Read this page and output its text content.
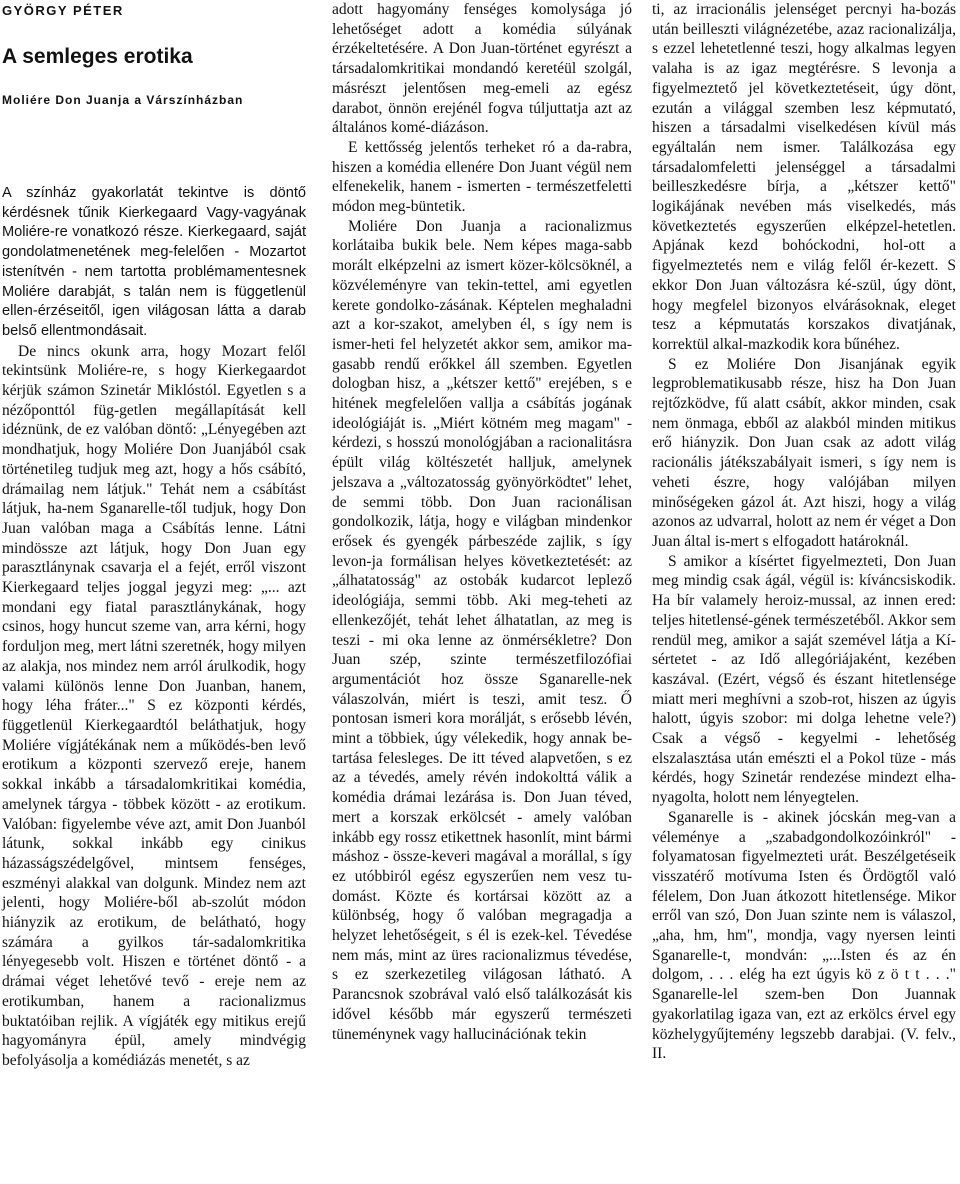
GYÖRGY PÉTER
A semleges erotika
Moliére Don Juanja a Várszínházban

A színház gyakorlatát tekintve is döntő kérdésnek tűnik Kierkegaard Vagy-vagyának Moliére-re vonatkozó része. Kierkegaard, saját gondolatmenetének meg-felelően - Mozartot istenítvén - nem tartotta problémamentesnek Moliére darabját, s talán nem is függetlenül ellen-érzéseitől, igen világosan látta a darab belső ellentmondásait.

De nincs okunk arra, hogy Mozart felől tekintsünk Moliére-re, s hogy Kierkegaardot kérjük számon Szinetár Miklóstól. Egyetlen s a nézőponttól füg-getlen megállapítását kell idéznünk, de ez valóban döntő: „Lényegében azt mondhatjuk, hogy Moliére Don Juanjából csak történetileg tudjuk meg azt, hogy a hős csábító, drámailag nem látjuk." Tehát nem a csábítást látjuk, ha-nem Sganarelle-től tudjuk, hogy Don Juan valóban maga a Csábítás lenne. Látni mindössze azt látjuk, hogy Don Juan egy parasztlánynak csavarja el a fejét, erről viszont Kierkegaard teljes joggal jegyzi meg: „... azt mondani egy fiatal parasztlánykának, hogy csinos, hogy huncut szeme van, arra kérni, hogy forduljon meg, mert látni szeretnék, hogy milyen az alakja, nos mindez nem arról árulkodik, hogy valami különös lenne Don Juanban, hanem, hogy léha fráter..." S ez központi kérdés, függetlenül Kierkegaardtól beláthatjuk, hogy Moliére vígjátékának nem a működés-ben levő erotikum a központi szervező ereje, hanem sokkal inkább a társadalomkritikai komédia, amelynek tárgya - többek között - az erotikum. Valóban: figyelembe véve azt, amit Don Juanból látunk, sokkal inkább egy cinikus házasságszédelgővel, mintsem fenséges, eszményi alakkal van dolgunk. Mindez nem azt jelenti, hogy Moliére-ből ab-szolút módon hiányzik az erotikum, de belátható, hogy számára a gyilkos tár-sadalomkritika lényegesebb volt. Hiszen e történet döntő - a drámai véget lehetővé tevő - ereje nem az erotikumban, hanem a racionalizmus buktatóiban rejlik. A vígjáték egy mitikus erejű hagyományra épül, amely mindvégig befolyásolja a komédiázás menetét, s az

adott hagyomány fenséges komolysága jó lehetőséget adott a komédia súlyának érzékeltetésére. A Don Juan-történet egyrészt a társadalomkritikai mondandó keretéül szolgál, másrészt jelentősen meg-emeli az egész darabot, önnön erejénél fogva túljuttatja azt az általános komé-diázáson.

E kettősség jelentős terheket ró a da-rabra, hiszen a komédia ellenére Don Juant végül nem elfenekelik, hanem - ismerten - természetfeletti módon meg-büntetik.

Moliére Don Juanja a racionalizmus korlátaiba bukik bele. Nem képes maga-sabb morált elképzelni az ismert közer-kölcsöknél, a közvéleményre van tekin-tettel, ami egyetlen kerete gondolko-zásának. Képtelen meghaladni azt a kor-szakot, amelyben él, s így nem is ismer-heti fel helyzetét akkor sem, amikor ma-gasabb rendű erőkkel áll szemben. Egyetlen dologban hisz, a „kétszer kettő" erejében, s e hitének megfelelően vallja a csábítás jogának ideológiáját is. „Miért kötném meg magam" - kérdezi, s hosszú monológjában a racionalitásra épült világ költészetét halljuk, amelynek jelszava a „változatosság gyönyörködtet" lehet, de semmi több. Don Juan racionálisan gondolkozik, látja, hogy e világban mindenkor erősek és gyengék párbeszéde zajlik, s így levon-ja formálisan helyes következtetését: az „álhatatosság" az ostobák kudarcot leplező ideológiája, semmi több. Aki meg-teheti az ellenkezőjét, tehát lehet álhatatlan, az meg is teszi - mi oka lenne az önmérsékletre? Don Juan szép, szinte természetfilozófiai argumentációt hoz össze Sganarelle-nek válaszolván, miért is teszi, amit tesz. Ő pontosan ismeri kora morálját, s erősebb lévén, mint a többiek, úgy vélekedik, hogy annak be-tartása felesleges. De itt téved alapvetően, s ez az a tévedés, amely révén indokolttá válik a komédia drámai lezárása is. Don Juan téved, mert a korszak erkölcsét - amely valóban inkább egy rossz etikettnek hasonlít, mint bármi máshoz - össze-keveri magával a morállal, s így ez utóbbiról egész egyszerűen nem vesz tu-domást. Közte és kortársai között az a különbség, hogy ő valóban megragadja a helyzet lehetőségeit, s él is ezek-kel. Tévedése nem más, mint az üres racionalizmus tévedése, s ez szerkezetileg világosan látható. A Parancsnok szobrával való első találkozását kis idővel később már egyszerű természeti tüneménynek vagy hallucinációnak tekin

ti, az irracionális jelenséget percnyi ha-bozás után beilleszti világnézetébe, azaz racionalizálja, s ezzel lehetetlenné teszi, hogy alkalmas legyen valaha is az igaz megtérésre. S levonja a figyelmeztető jel következtetéseit, úgy dönt, ezután a világgal szemben lesz képmutató, hiszen a társadalmi viselkedésen kívül más egyáltalán nem ismer. Találkozása egy társadalomfeletti jelenséggel a társadalmi beilleszkedésre bírja, a „kétszer kettő" logikájának nevében más viselkedés, más következtetés egyszerűen elképzel-hetetlen. Apjának kezd bohóckodni, hol-ott a figyelmeztetés nem e világ felől ér-kezett. S ekkor Don Juan változásra ké-szül, úgy dönt, hogy megfelel bizonyos elvárásoknak, eleget tesz a képmutatás korszakos divatjának, korrektül alkal-mazkodik kora bűnéhez.

S ez Moliére Don Jisanjának egyik legproblematikusabb része, hisz ha Don Juan rejtőzködve, fű alatt csábít, akkor minden, csak nem önmaga, ebből az alakból minden mitikus erő hiányzik. Don Juan csak az adott világ racionális játékszabályait ismeri, s így nem is veheti észre, hogy valójában milyen minőségeken gázol át. Azt hiszi, hogy a világ azonos az udvarral, holott az nem ér véget a Don Juan által is-mert s elfogadott határoknál.

S amikor a kísértet figyelmezteti, Don Juan meg mindig csak ágál, végül is: kíváncsiskodik. Ha bír valamely heroiz-mussal, az innen ered: teljes hitetlensé-gének természetéből. Akkor sem rendül meg, amikor a saját szemével látja a Kí-sértetet - az Idő allegóriájaként, kezében kaszával. (Ezért, végső és észant hitetlensége miatt meri meghívni a szob-rot, hiszen az úgyis halott, úgyis szobor: mi dolga lehetne vele?) Csak a végső - kegyelmi - lehetőség elszalasztása után emészti el a Pokol tüze - más kérdés, hogy Szinetár rendezése mindezt elha-nyagolta, holott nem lényegtelen.

Sganarelle is - akinek jócskán meg-van a véleménye a „szabadgondolkozóinkról" - folyamatosan figyelmezteti urát. Beszélgetéseik visszatérő motívuma Isten és Ördögtől való félelem, Don Juan átkozott hitetlensége. Mikor erről van szó, Don Juan szinte nem is válaszol, „aha, hm, hm", mondja, vagy nyersen leinti Sganarelle-t, mondván: „...Isten és az én dolgom, . . . elég ha ezt úgyis kö z ö t t . . ." Sganarelle-lel szem-ben Don Juannak gyakorlatilag igaza van, ezt az erkölcs érvel egy közhelygyűjtemény legszebb darabjai. (V. felv., II.
